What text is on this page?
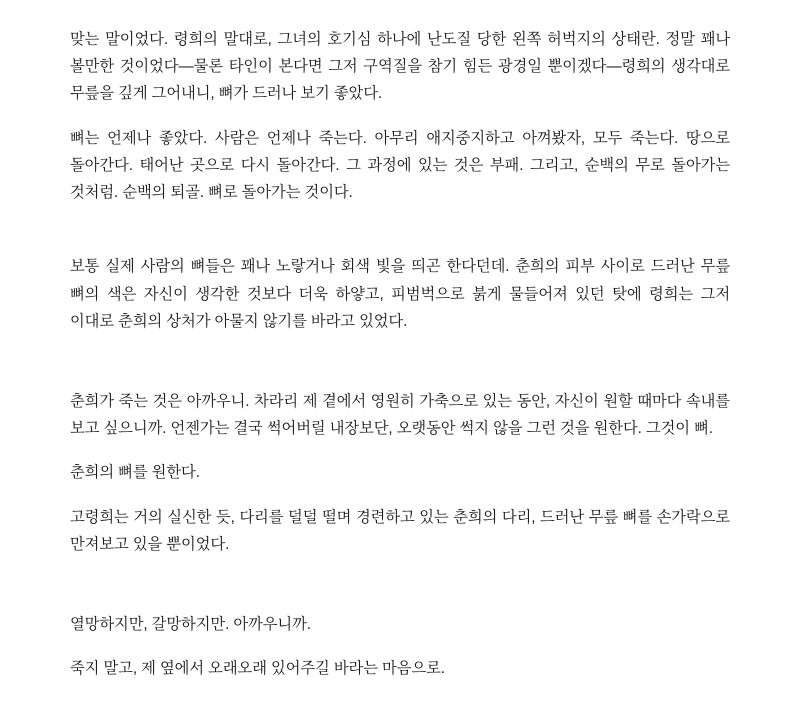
맞는 말이었다. 령희의 말대로, 그녀의 호기심 하나에 난도질 당한 왼쪽 허벅지의 상태란. 정말 꽤나 볼만한 것이었다—물론 타인이 본다면 그저 구역질을 참기 힘든 광경일 뿐이겠다—령희의 생각대로 무릎을 깊게 그어내니, 뼈가 드러나 보기 좋았다.

뼈는 언제나 좋았다. 사람은 언제나 죽는다. 아무리 애지중지하고 아껴봤자, 모두 죽는다. 땅으로 돌아간다. 태어난 곳으로 다시 돌아간다. 그 과정에 있는 것은 부패. 그리고, 순백의 무로 돌아가는 것처럼. 순백의 퇴골. 뼈로 돌아가는 것이다.

보통 실제 사람의 뼈들은 꽤나 노랗거나 회색 빛을 띄곤 한다던데. 춘희의 피부 사이로 드러난 무릎 뼈의 색은 자신이 생각한 것보다 더욱 하얗고, 피범벅으로 붉게 물들어져 있던 탓에 령희는 그저 이대로 춘희의 상처가 아물지 않기를 바라고 있었다.

춘희가 죽는 것은 아까우니. 차라리 제 곁에서 영원히 가축으로 있는 동안, 자신이 원할 때마다 속내를 보고 싶으니까. 언젠가는 결국 썩어버릴 내장보단, 오랫동안 썩지 않을 그런 것을 원한다. 그것이 뼈.

춘희의 뼈를 원한다.

고령희는 거의 실신한 듯, 다리를 덜덜 떨며 경련하고 있는 춘희의 다리, 드러난 무릎 뼈를 손가락으로 만져보고 있을 뿐이었다.

열망하지만, 갈망하지만. 아까우니까.

죽지 말고, 제 옆에서 오래오래 있어주길 바라는 마음으로.
